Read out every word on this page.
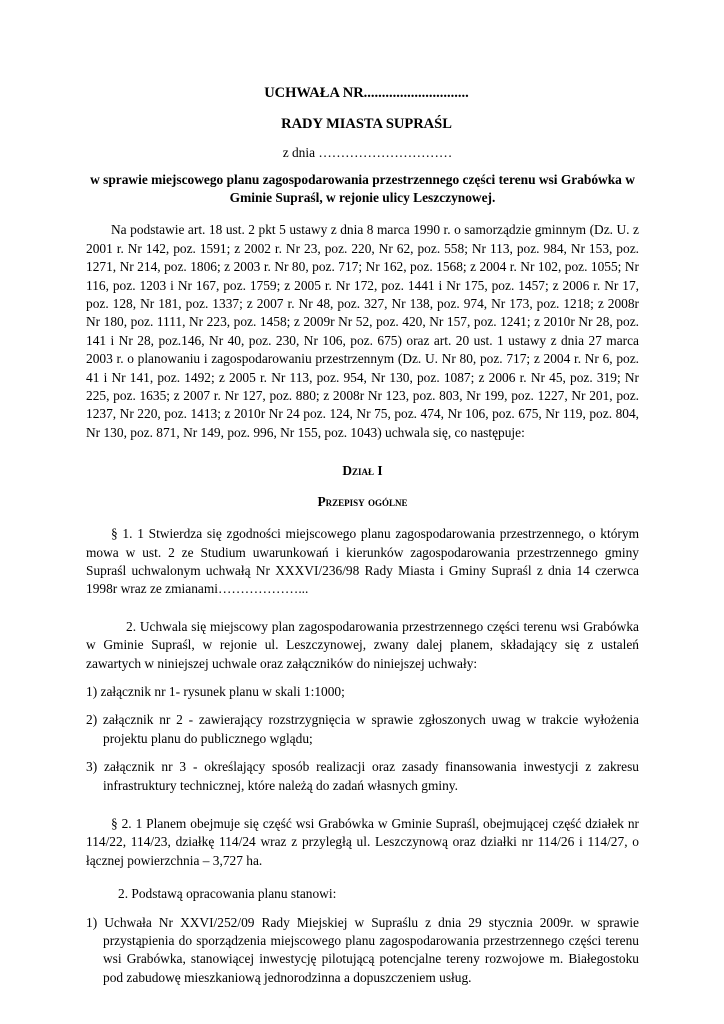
UCHWAŁA NR.............................
RADY MIASTA SUPRAŚL
z dnia …………………………
w sprawie miejscowego planu zagospodarowania przestrzennego części terenu wsi Grabówka w Gminie Supraśl, w rejonie ulicy Leszczynowej.
Na podstawie art. 18 ust. 2 pkt 5 ustawy z dnia 8 marca 1990 r. o samorządzie gminnym (Dz. U. z 2001 r. Nr 142, poz. 1591; z 2002 r. Nr 23, poz. 220, Nr 62, poz. 558; Nr 113, poz. 984, Nr 153, poz. 1271, Nr 214, poz. 1806; z 2003 r. Nr 80, poz. 717; Nr 162, poz. 1568; z 2004 r. Nr 102, poz. 1055; Nr 116, poz. 1203 i Nr 167, poz. 1759; z 2005 r. Nr 172, poz. 1441 i Nr 175, poz. 1457; z 2006 r. Nr 17, poz. 128, Nr 181, poz. 1337; z 2007 r. Nr 48, poz. 327, Nr 138, poz. 974, Nr 173, poz. 1218; z 2008r Nr 180, poz. 1111, Nr 223, poz. 1458; z 2009r Nr 52, poz. 420, Nr 157, poz. 1241; z 2010r Nr 28, poz. 141 i Nr 28, poz.146, Nr 40, poz. 230, Nr 106, poz. 675) oraz art. 20 ust. 1 ustawy z dnia 27 marca 2003 r. o planowaniu i zagospodarowaniu przestrzennym (Dz. U. Nr 80, poz. 717; z 2004 r. Nr 6, poz. 41 i Nr 141, poz. 1492; z 2005 r. Nr 113, poz. 954, Nr 130, poz. 1087; z 2006 r. Nr 45, poz. 319; Nr 225, poz. 1635; z 2007 r. Nr 127, poz. 880; z 2008r Nr 123, poz. 803, Nr 199, poz. 1227, Nr 201, poz. 1237, Nr 220, poz. 1413; z 2010r Nr 24 poz. 124, Nr 75, poz. 474, Nr 106, poz. 675, Nr 119, poz. 804, Nr 130, poz. 871, Nr 149, poz. 996, Nr 155, poz. 1043) uchwala się, co następuje:
Dział I
Przepisy ogólne
§ 1. 1 Stwierdza się zgodności miejscowego planu zagospodarowania przestrzennego, o którym mowa w ust. 2 ze Studium uwarunkowań i kierunków zagospodarowania przestrzennego gminy Supraśl uchwalonym uchwałą Nr XXXVI/236/98 Rady Miasta i Gminy Supraśl z dnia 14 czerwca 1998r wraz ze zmianami………………...
2. Uchwala się miejscowy plan zagospodarowania przestrzennego części terenu wsi Grabówka w Gminie Supraśl, w rejonie ul. Leszczynowej, zwany dalej planem, składający się z ustaleń zawartych w niniejszej uchwale oraz załączników do niniejszej uchwały:
1) załącznik nr 1- rysunek planu w skali 1:1000;
2) załącznik nr 2 - zawierający rozstrzygnięcia w sprawie zgłoszonych uwag w trakcie wyłożenia projektu planu do publicznego wglądu;
3) załącznik nr 3 - określający sposób realizacji oraz zasady finansowania inwestycji z zakresu infrastruktury technicznej, które należą do zadań własnych gminy.
§ 2. 1 Planem obejmuje się część wsi Grabówka w Gminie Supraśl, obejmującej część działek nr 114/22, 114/23, działkę 114/24 wraz z przyległą ul. Leszczynową oraz działki nr 114/26 i 114/27, o łącznej powierzchnia – 3,727 ha.
2. Podstawą opracowania planu stanowi:
1) Uchwała Nr XXVI/252/09 Rady Miejskiej w Supraślu z dnia 29 stycznia 2009r. w sprawie przystąpienia do sporządzenia miejscowego planu zagospodarowania przestrzennego części terenu wsi Grabówka, stanowiącej inwestycję pilotującą potencjalne tereny rozwojowe m. Białegostoku pod zabudowę mieszkaniową jednorodzinna a dopuszczeniem usług.
